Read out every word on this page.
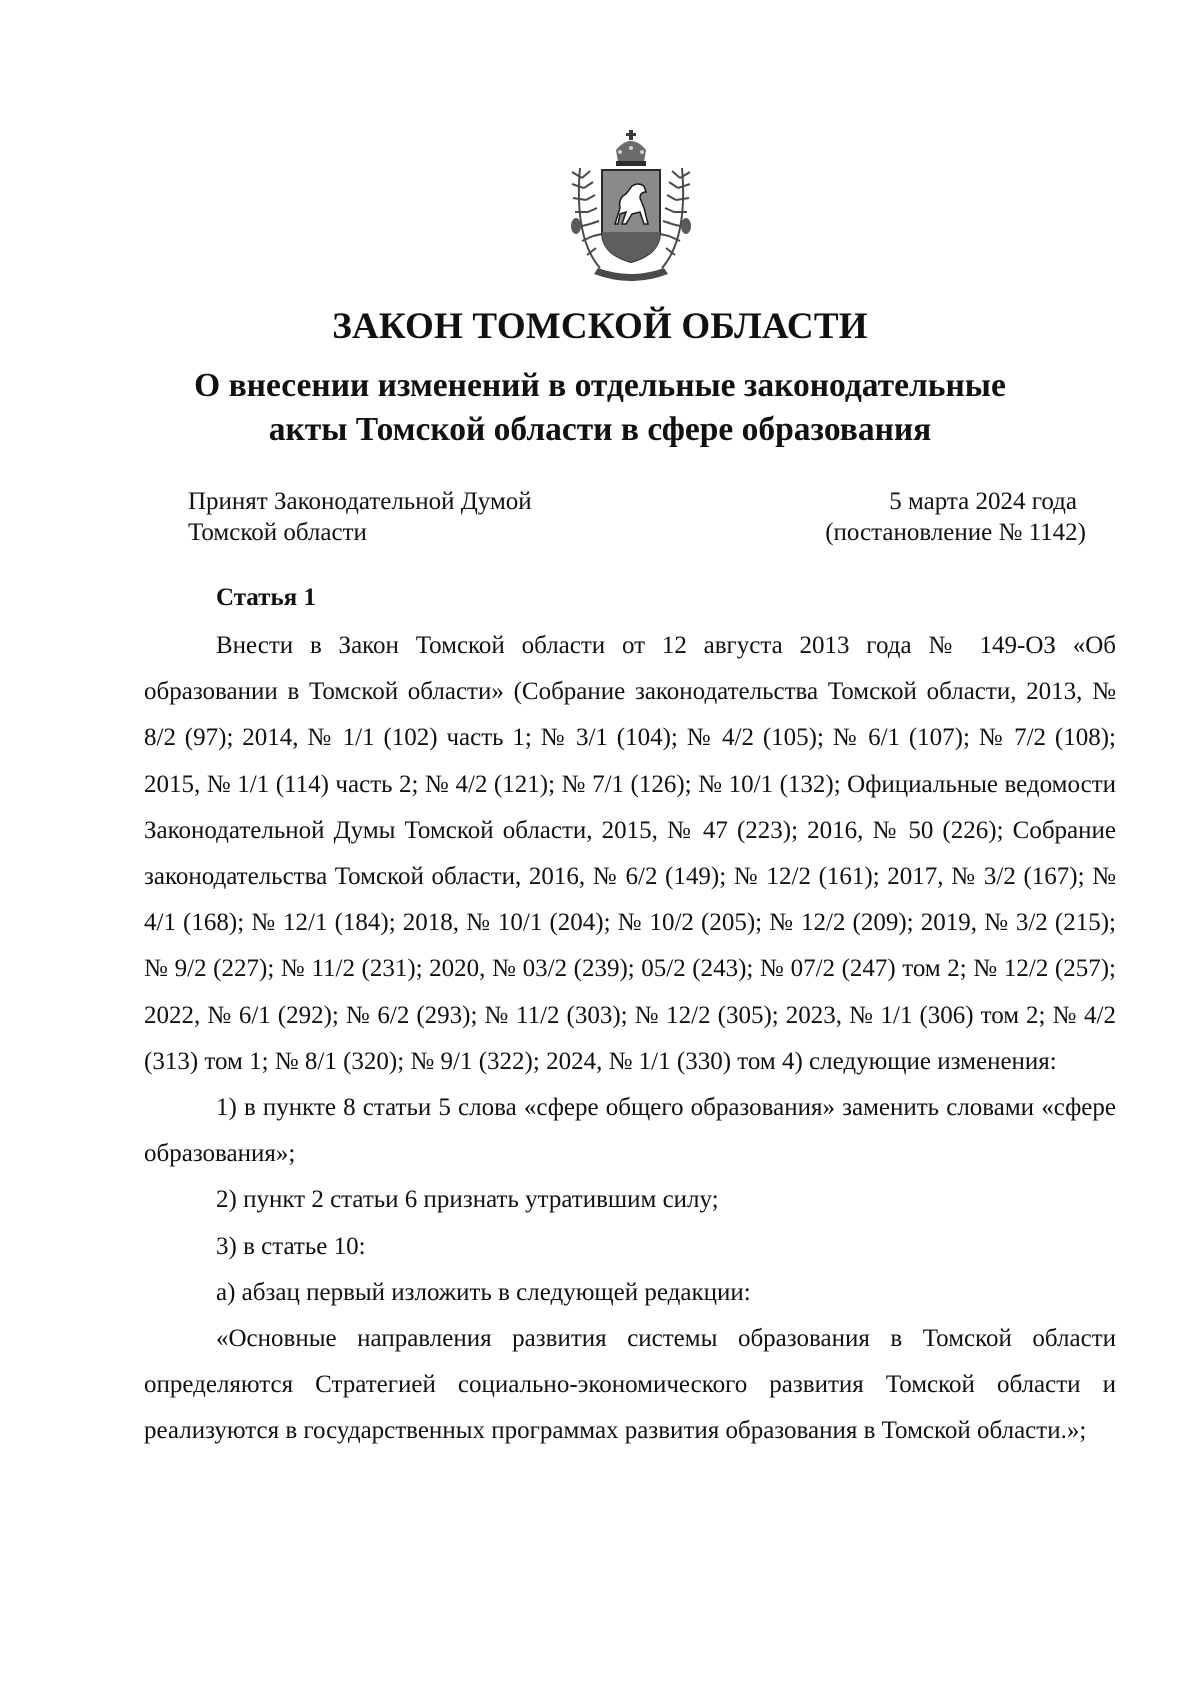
ЗАКОН ТОМСКОЙ ОБЛАСТИ
О внесении изменений в отдельные законодательные
акты Томской области в сфере образования
Принят Законодательной Думой
Томской области
5 марта 2024 года
(постановление № 1142)
Статья 1

Внести в Закон Томской области от 12 августа 2013 года № 149-ОЗ «Об образовании в Томской области» (Собрание законодательства Томской области, 2013, № 8/2 (97); 2014, № 1/1 (102) часть 1; № 3/1 (104); № 4/2 (105); № 6/1 (107); № 7/2 (108); 2015, № 1/1 (114) часть 2; № 4/2 (121); № 7/1 (126); № 10/1 (132); Официальные ведомости Законодательной Думы Томской области, 2015, № 47 (223); 2016, № 50 (226); Собрание законодательства Томской области, 2016, № 6/2 (149); № 12/2 (161); 2017, № 3/2 (167); № 4/1 (168); № 12/1 (184); 2018, № 10/1 (204); № 10/2 (205); № 12/2 (209); 2019, № 3/2 (215); № 9/2 (227); № 11/2 (231); 2020, № 03/2 (239); 05/2 (243); № 07/2 (247) том 2; № 12/2 (257); 2022, № 6/1 (292); № 6/2 (293); № 11/2 (303); № 12/2 (305); 2023, № 1/1 (306) том 2; № 4/2 (313) том 1; № 8/1 (320); № 9/1 (322); 2024, № 1/1 (330) том 4) следующие изменения:

1) в пункте 8 статьи 5 слова «сфере общего образования» заменить словами «сфере образования»;

2) пункт 2 статьи 6 признать утратившим силу;

3) в статье 10:

а) абзац первый изложить в следующей редакции:

«Основные направления развития системы образования в Томской области определяются Стратегией социально-экономического развития Томской области и реализуются в государственных программах развития образования в Томской области.»;
